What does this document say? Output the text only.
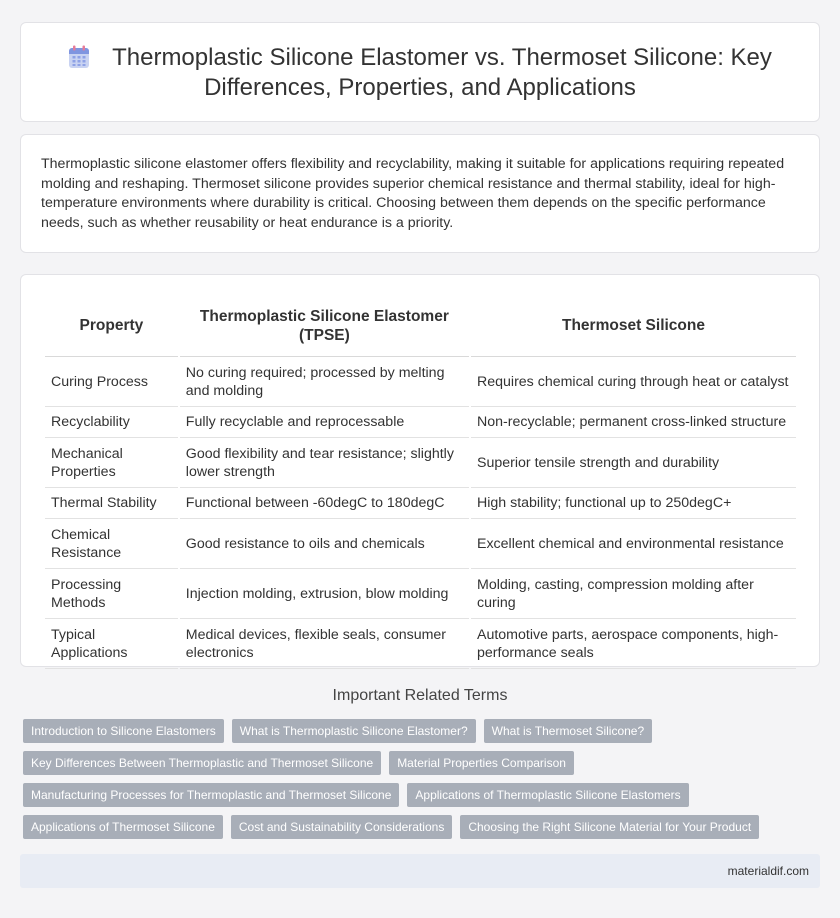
Thermoplastic Silicone Elastomer vs. Thermoset Silicone: Key Differences, Properties, and Applications

Thermoplastic silicone elastomer offers flexibility and recyclability, making it suitable for applications requiring repeated molding and reshaping. Thermoset silicone provides superior chemical resistance and thermal stability, ideal for high-temperature environments where durability is critical. Choosing between them depends on the specific performance needs, such as whether reusability or heat endurance is a priority.

Property	Thermoplastic Silicone Elastomer (TPSE)	Thermoset Silicone
Curing Process	No curing required; processed by melting and molding	Requires chemical curing through heat or catalyst
Recyclability	Fully recyclable and reprocessable	Non-recyclable; permanent cross-linked structure
Mechanical Properties	Good flexibility and tear resistance; slightly lower strength	Superior tensile strength and durability
Thermal Stability	Functional between -60degC to 180degC	High stability; functional up to 250degC+
Chemical Resistance	Good resistance to oils and chemicals	Excellent chemical and environmental resistance
Processing Methods	Injection molding, extrusion, blow molding	Molding, casting, compression molding after curing
Typical Applications	Medical devices, flexible seals, consumer electronics	Automotive parts, aerospace components, high-performance seals
Important Related Terms
Introduction to Silicone Elastomers	What is Thermoplastic Silicone Elastomer?	What is Thermoset Silicone?
Key Differences Between Thermoplastic and Thermoset Silicone	Material Properties Comparison
Manufacturing Processes for Thermoplastic and Thermoset Silicone	Applications of Thermoplastic Silicone Elastomers
Applications of Thermoset Silicone	Cost and Sustainability Considerations	Choosing the Right Silicone Material for Your Product
materialdif.com
